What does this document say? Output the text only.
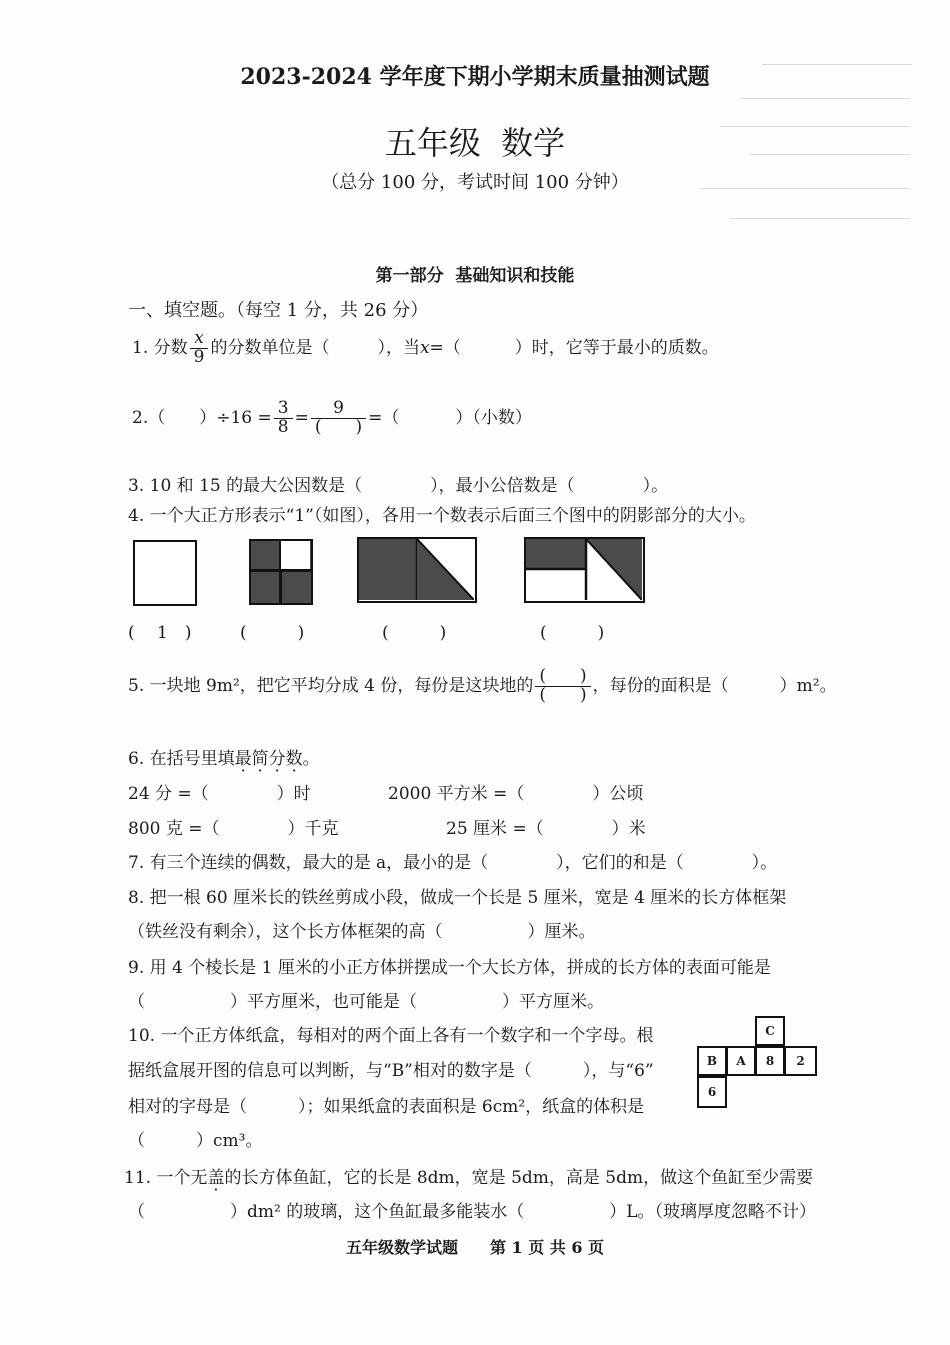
2023-2024 学年度下期小学期末质量抽测试题
五年级  数学
（总分 100 分，考试时间 100 分钟）
第一部分  基础知识和技能
一、填空题。（每空 1 分，共 26 分）
1. 分数 $\frac{x}{9}$ 的分数单位是（	），当x=（	）时，它等于最小的质数。
2.（ ）$\div 16 = \frac{3}{8} = \frac{9}{( )}$ =（	）（小数）
3. 10 和 15 的最大公因数是（　　　　），最小公倍数是（　　　　）。
4. 一个大正方形表示“1”（如图），各用一个数表示后面三个图中的阴影部分的大小。
(　 1　)	(　　　)	(　　　)	(　　　)
5. 一块地 9m²，把它平均分成 4 份，每份是这块地的 $\frac{( )}{( )}$ ，每份的面积是（　　　）m²。
6. 在括号里填最简分数。
24 分 =（　　　　）时	2000 平方米 =（　　　　）公顷
800 克 =（　　　　）千克	25 厘米 =（　　　　）米
7. 有三个连续的偶数，最大的是 a，最小的是（　　　　），它们的和是（　　　　）。
8. 把一根 60 厘米长的铁丝剪成小段，做成一个长是 5 厘米，宽是 4 厘米的长方体框架
（铁丝没有剩余），这个长方体框架的高（　　　　　）厘米。
9. 用 4 个棱长是 1 厘米的小正方体拼摆成一个大长方体，拼成的长方体的表面可能是
（　　　　　）平方厘米，也可能是（　　　　　）平方厘米。
10. 一个正方体纸盒，每相对的两个面上各有一个数字和一个字母。根
据纸盒展开图的信息可以判断，与“B”相对的数字是（　　　），与“6”
相对的字母是（　　　）；如果纸盒的表面积是 6cm²，纸盒的体积是
（　　　）cm³。
C
B	A	8	2
6
11. 一个无盖的长方体鱼缸，它的长是 8dm，宽是 5dm，高是 5dm，做这个鱼缸至少需要
（　　　　　）dm² 的玻璃，这个鱼缸最多能装水（　　　　　）L。（玻璃厚度忽略不计）
五年级数学试题　　第 1 页 共 6 页
